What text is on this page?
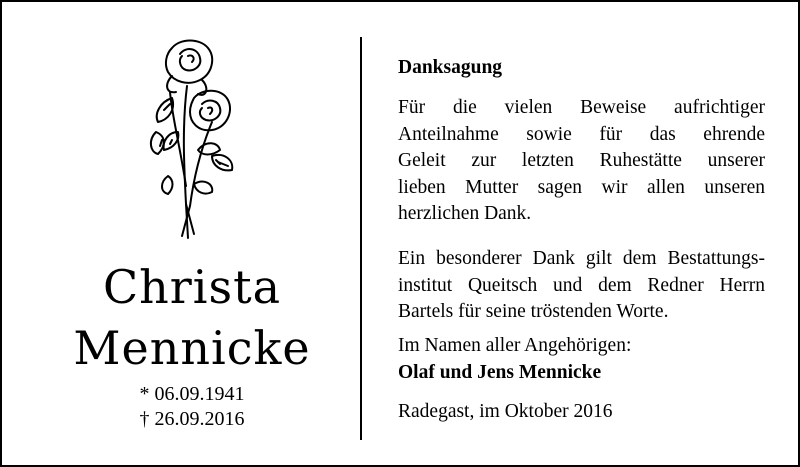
Christa
Mennicke
* 06.09.1941
† 26.09.2016
Danksagung
Für die vielen Beweise aufrichtiger
Anteilnahme sowie für das ehrende
Geleit zur letzten Ruhestätte unserer
lieben Mutter sagen wir allen unseren
herzlichen Dank.
Ein besonderer Dank gilt dem Bestattungs-
institut Queitsch und dem Redner Herrn
Bartels für seine tröstenden Worte.
Im Namen aller Angehörigen:
Olaf und Jens Mennicke
Radegast, im Oktober 2016
